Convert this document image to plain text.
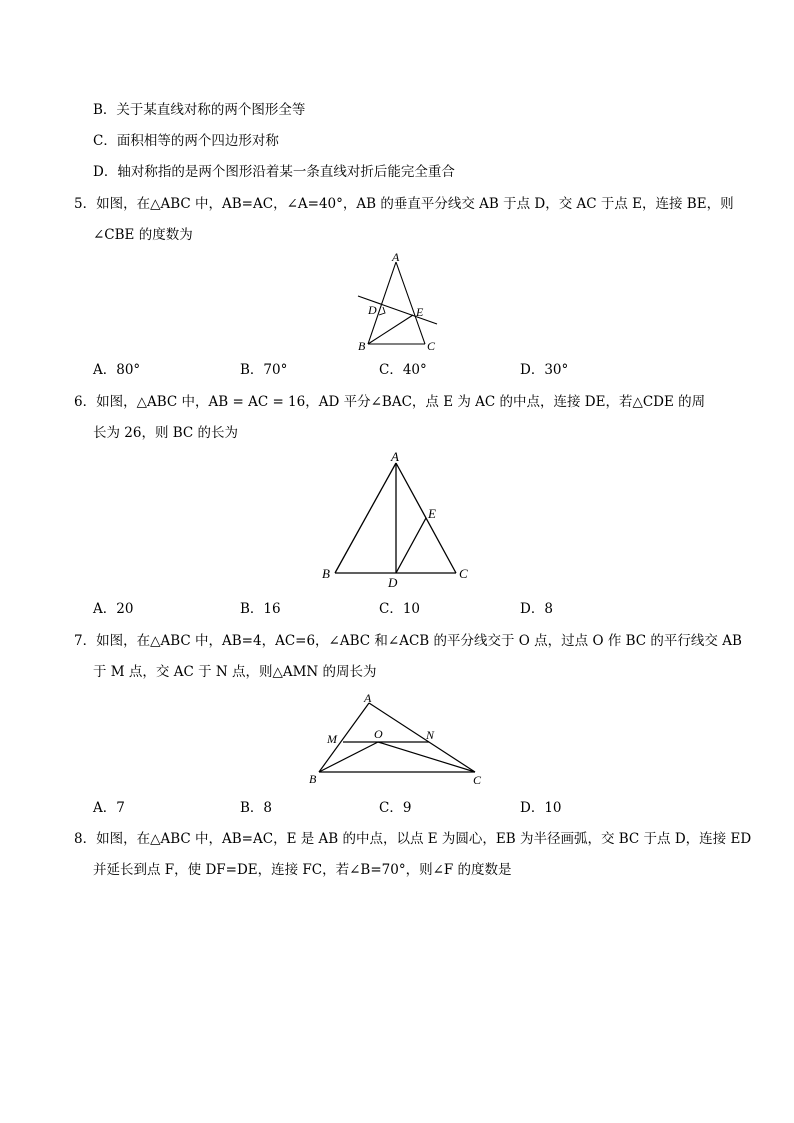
B．关于某直线对称的两个图形全等
C．面积相等的两个四边形对称
D．轴对称指的是两个图形沿着某一条直线对折后能完全重合
5．如图，在△ABC 中，AB=AC，∠A=40°，AB 的垂直平分线交 AB 于点 D，交 AC 于点 E，连接 BE，则
∠CBE 的度数为
A
B	C
D	E
A．80°	B．70°	C．40°	D．30°
6．如图，△ABC 中，AB = AC = 16，AD 平分∠BAC，点 E 为 AC 的中点，连接 DE，若△CDE 的周
长为 26，则 BC 的长为
A
B	C
D
E
A．20	B．16	C．10	D．8
7．如图，在△ABC 中，AB=4，AC=6，∠ABC 和∠ACB 的平分线交于 O 点，过点 O 作 BC 的平行线交 AB
于 M 点，交 AC 于 N 点，则△AMN 的周长为
A
B	C
M	N
O
A．7	B．8	C．9	D．10
8．如图，在△ABC 中，AB=AC，E 是 AB 的中点，以点 E 为圆心，EB 为半径画弧，交 BC 于点 D，连接 ED
并延长到点 F，使 DF=DE，连接 FC，若∠B=70°，则∠F 的度数是
